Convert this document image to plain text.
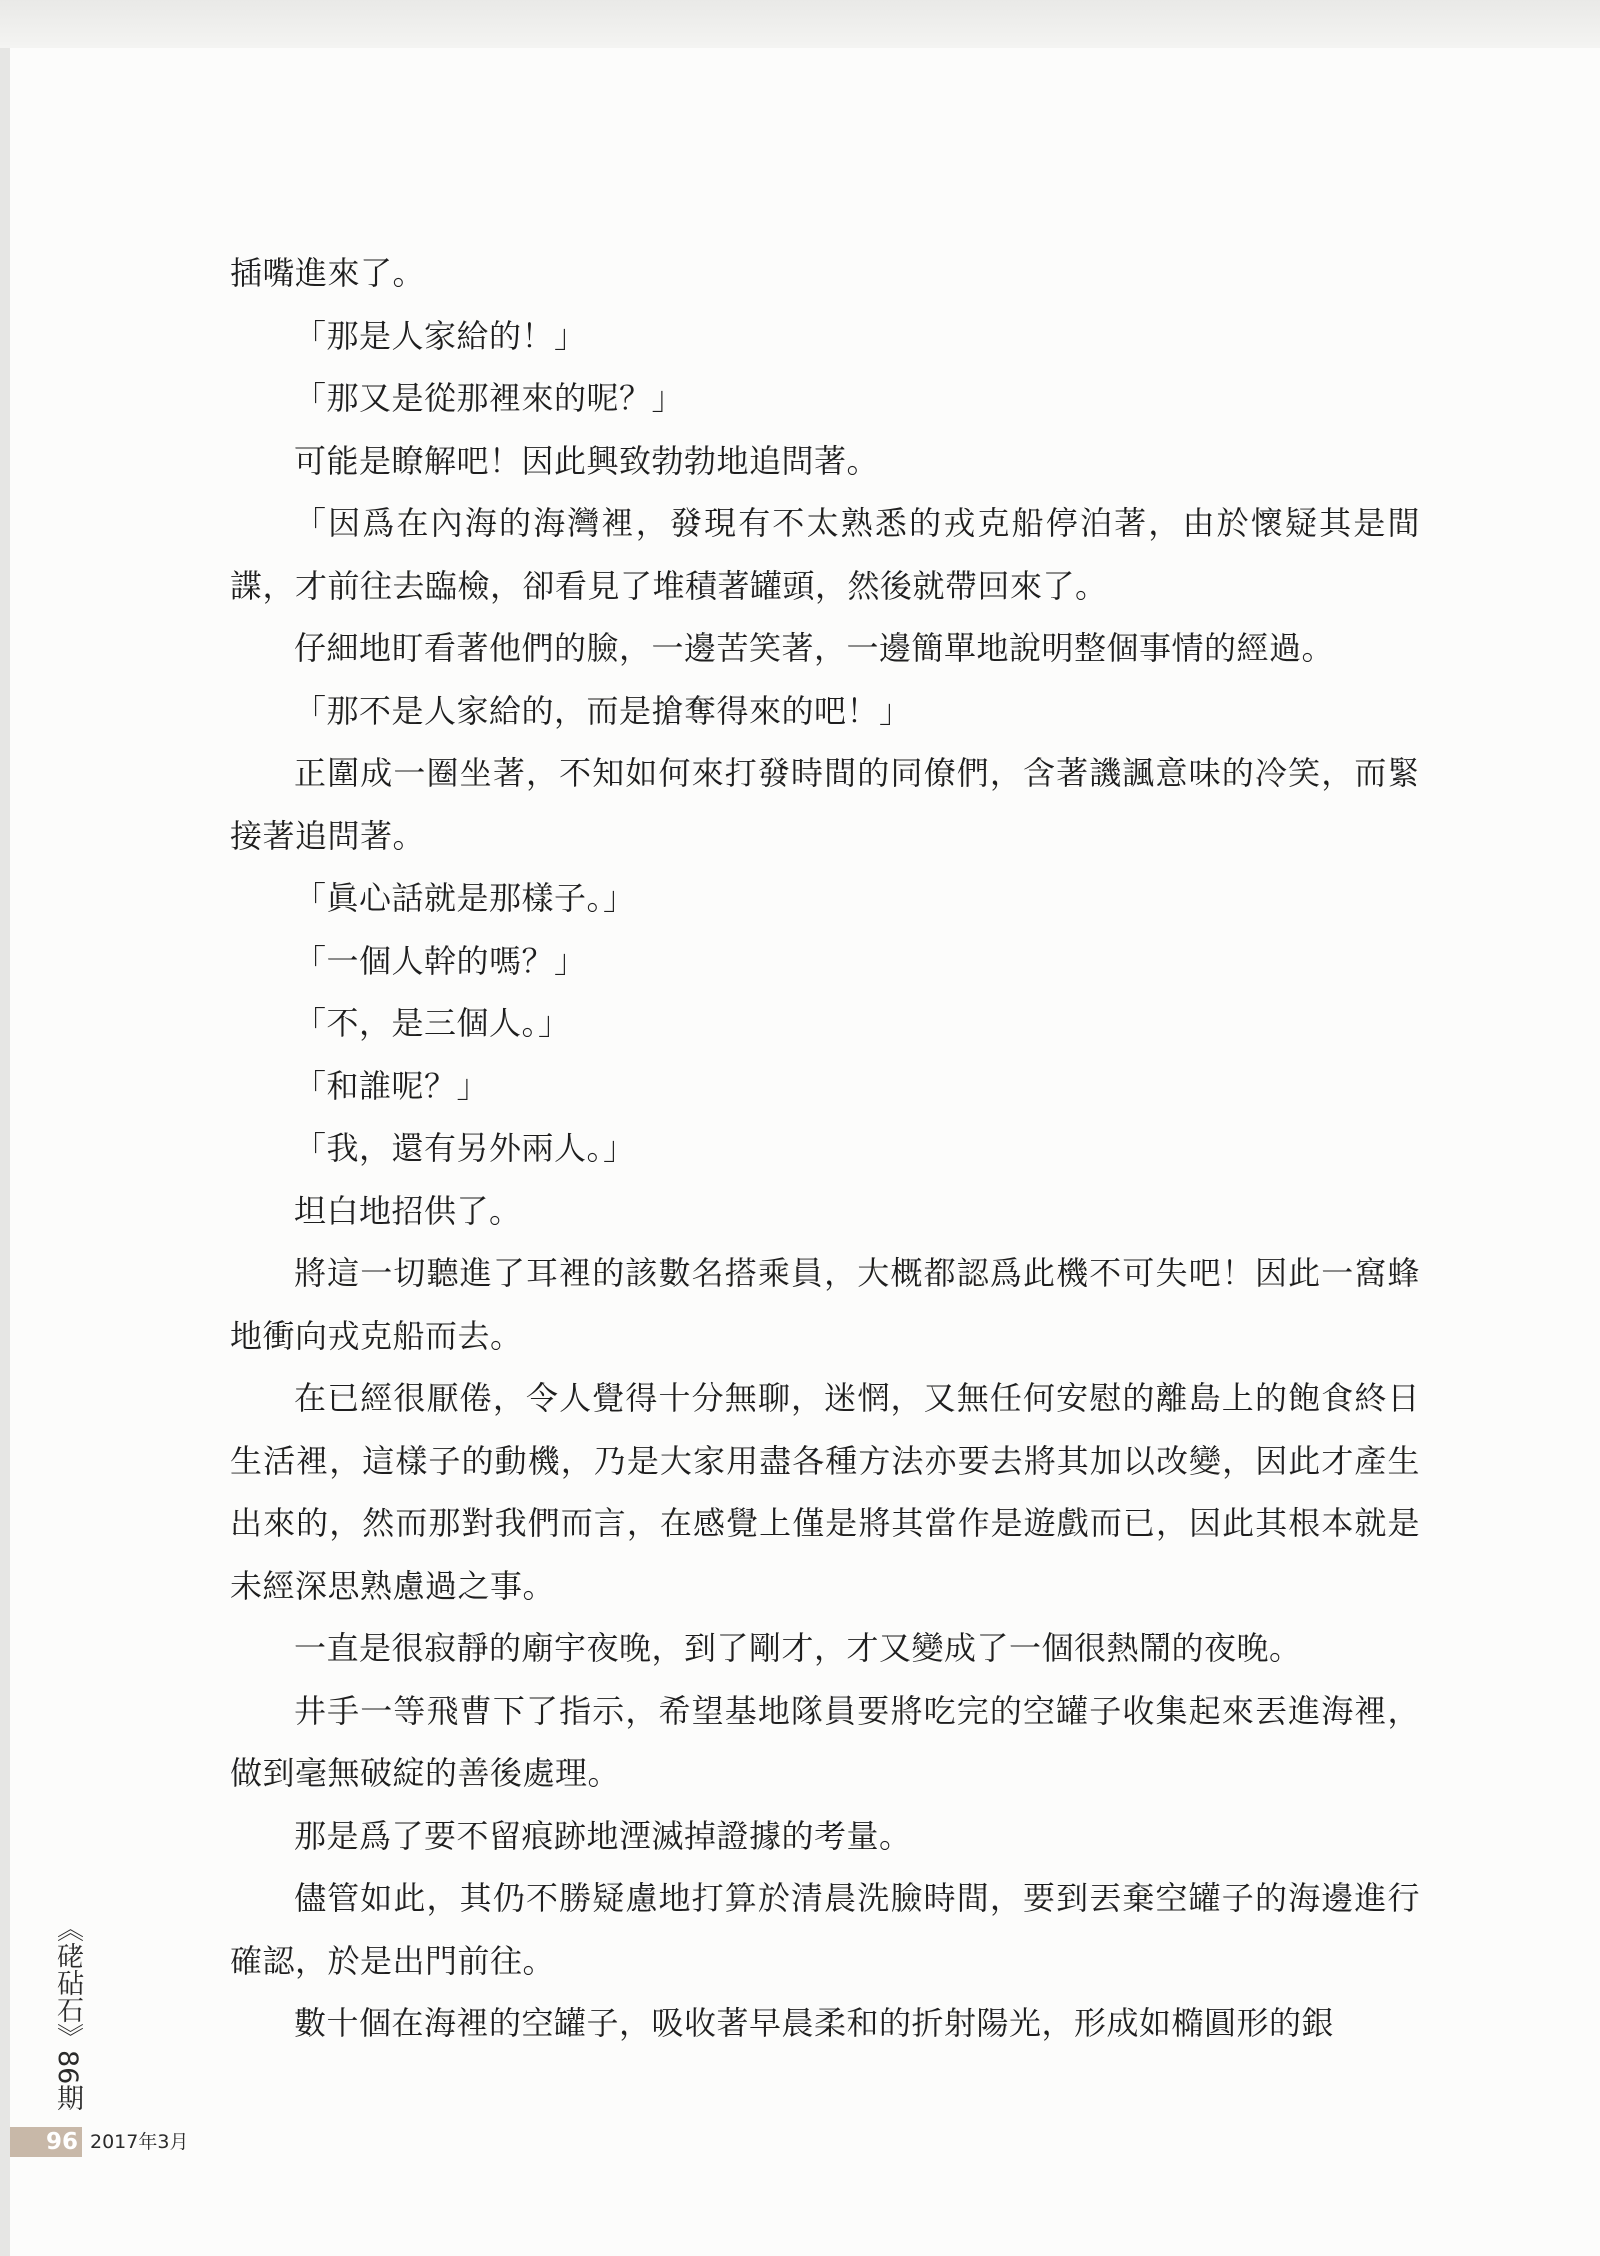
插嘴進來了。

「那是人家給的！」

「那又是從那裡來的呢？」

可能是瞭解吧！因此興致勃勃地追問著。

「因爲在內海的海灣裡，發現有不太熟悉的戎克船停泊著，由於懷疑其是間諜，才前往去臨檢，卻看見了堆積著罐頭，然後就帶回來了。

仔細地盯看著他們的臉，一邊苦笑著，一邊簡單地說明整個事情的經過。

「那不是人家給的，而是搶奪得來的吧！」

正圍成一圈坐著，不知如何來打發時間的同僚們，含著譏諷意味的冷笑，而緊接著追問著。

「眞心話就是那樣子。」

「一個人幹的嗎？」

「不，是三個人。」

「和誰呢？」

「我，還有另外兩人。」

坦白地招供了。

將這一切聽進了耳裡的該數名搭乘員，大概都認爲此機不可失吧！因此一窩蜂地衝向戎克船而去。

在已經很厭倦，令人覺得十分無聊，迷惘，又無任何安慰的離島上的飽食終日生活裡，這樣子的動機，乃是大家用盡各種方法亦要去將其加以改變，因此才產生出來的，然而那對我們而言，在感覺上僅是將其當作是遊戲而已，因此其根本就是未經深思熟慮過之事。

一直是很寂靜的廟宇夜晚，到了剛才，才又變成了一個很熱鬧的夜晚。

井手一等飛曹下了指示，希望基地隊員要將吃完的空罐子收集起來丟進海裡，做到毫無破綻的善後處理。

那是爲了要不留痕跡地湮滅掉證據的考量。

儘管如此，其仍不勝疑慮地打算於清晨洗臉時間，要到丟棄空罐子的海邊進行確認，於是出門前往。

數十個在海裡的空罐子，吸收著早晨柔和的折射陽光，形成如橢圓形的銀

《硓砧石》86期
96 2017年3月
